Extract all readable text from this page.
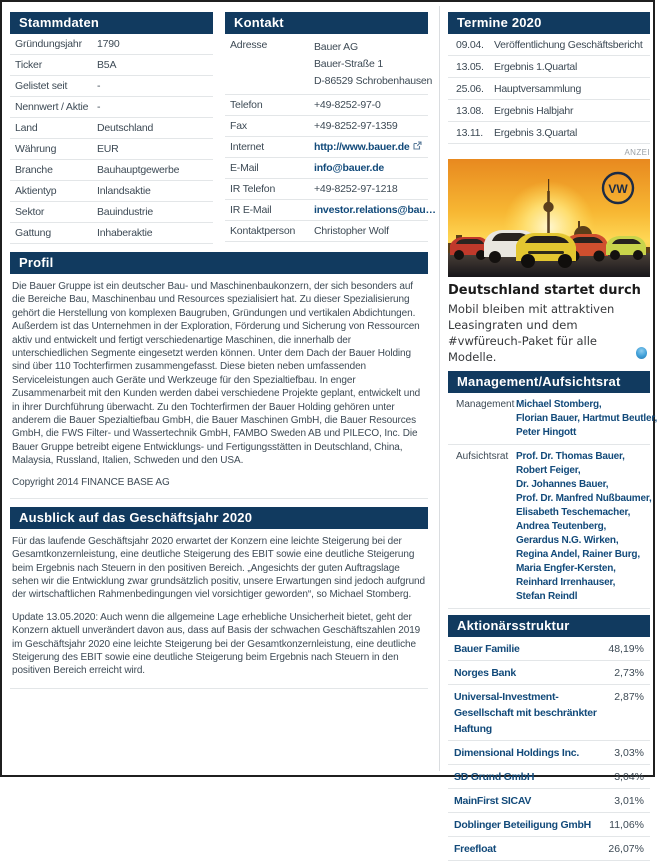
Stammdaten
Gründungsjahr	1790
Ticker	B5A
Gelistet seit	-
Nennwert / Aktie -
Land	Deutschland
Währung	EUR
Branche	Bauhauptgewerbe
Aktientyp	Inlandsaktie
Sektor	Bauindustrie
Gattung	Inhaberaktie
Kontakt
Adresse	Bauer AG
Bauer-Straße 1
D-86529 Schrobenhausen
Telefon	+49-8252-97-0
Fax	+49-8252-97-1359
Internet	http://www.bauer.de
E-Mail	info@bauer.de
IR Telefon	+49-8252-97-1218
IR E-Mail	investor.relations@bau…
Kontaktperson	Christopher Wolf
Profil

Die Bauer Gruppe ist ein deutscher Bau- und Maschinenbaukonzern, der sich besonders auf die Bereiche Bau, Maschinenbau und Resources spezialisiert hat. Zu dieser Spezialisierung gehört die Herstellung von komplexen Baugruben, Gründungen und vertikalen Abdichtungen. Außerdem ist das Unternehmen in der Exploration, Förderung und Sicherung von Ressourcen aktiv und entwickelt und fertigt verschiedenartige Maschinen, die innerhalb der unterschiedlichen Segmente eingesetzt werden können. Unter dem Dach der Bauer Holding sind über 110 Tochterfirmen zusammengefasst. Diese bieten neben umfassenden Serviceleistungen auch Geräte und Werkzeuge für den Spezialtiefbau. In enger Zusammenarbeit mit den Kunden werden dabei verschiedene Projekte geplant, entwickelt und in ihrer Durchführung überwacht. Zu den Tochterfirmen der Bauer Holding gehören unter anderem die Bauer Spezialtiefbau GmbH, die Bauer Maschinen GmbH, die Bauer Resources GmbH, die FWS Filter- und Wassertechnik GmbH, FAMBO Sweden AB und PILECO, Inc. Die Bauer Gruppe betreibt eigene Entwicklungs- und Fertigungsstätten in Deutschland, China, Malaysia, Russland, Italien, Schweden und den USA.

Copyright 2014 FINANCE BASE AG
Ausblick auf das Geschäftsjahr 2020

Für das laufende Geschäftsjahr 2020 erwartet der Konzern eine leichte Steigerung bei der Gesamtkonzernleistung, eine deutliche Steigerung des EBIT sowie eine deutliche Steigerung beim Ergebnis nach Steuern in den positiven Bereich. „Angesichts der guten Auftragslage sehen wir die Entwicklung zwar grundsätzlich positiv, unsere Erwartungen sind jedoch aufgrund der wirtschaftlichen Rahmenbedingungen viel vorsichtiger geworden“, so Michael Stomberg.

Update 13.05.2020: Auch wenn die allgemeine Lage erhebliche Unsicherheit bietet, geht der Konzern aktuell unverändert davon aus, dass auf Basis der schwachen Geschäftszahlen 2019 im Geschäftsjahr 2020 eine leichte Steigerung bei der Gesamtkonzernleistung, eine deutliche Steigerung des EBIT sowie eine deutliche Steigerung beim Ergebnis nach Steuern in den positiven Bereich erreicht wird.

Termine 2020
09.04. Veröffentlichung Geschäftsbericht
13.05. Ergebnis 1.Quartal
25.06. Hauptversammlung
13.08. Ergebnis Halbjahr
13.11.	Ergebnis 3.Quartal
ANZEI
VW
Deutschland startet durch
Mobil bleiben mit attraktiven Leasingraten und dem #vwfüreuch-Paket für alle Modelle.
Management/Aufsichtsrat
Management Michael Stomberg,
Florian Bauer, Hartmut Beutler,
Peter Hingott
Aufsichtsrat Prof. Dr. Thomas Bauer,
Robert Feiger,
Dr. Johannes Bauer,
Prof. Dr. Manfred Nußbaumer,
Elisabeth Teschemacher,
Andrea Teutenberg,
Gerardus N.G. Wirken,
Regina Andel, Rainer Burg,
Maria Engfer-Kersten,
Reinhard Irrenhauser,
Stefan Reindl
Aktionärsstruktur
Bauer Familie	48,19%
Norges Bank	2,73%
Universal-Investment-Gesellschaft mit beschränkter Haftung
2,87%
Dimensional Holdings Inc.	3,03%
SD Grund GmbH	3,04%
MainFirst SICAV	3,01%
Doblinger Beteiligung GmbH 11,06%
Freefloat	26,07%
